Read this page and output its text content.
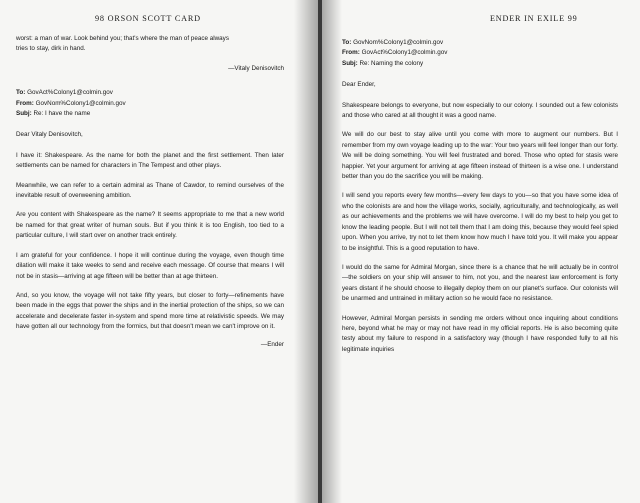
98 ORSON SCOTT CARD

worst: a man of war. Look behind you; that's where the man of peace always
tries to stay, dirk in hand.

—Vitaly Denisovitch

To: GovAct%Colony1@colmin.gov
From: GovNom%Colony1@colmin.gov
Subj: Re: I have the name

Dear Vitaly Denisovitch,

I have it: Shakespeare. As the name for both the planet and the first settlement. Then later settlements can be named for characters in The Tempest and other plays.

Meanwhile, we can refer to a certain admiral as Thane of Cawdor, to remind ourselves of the inevitable result of overweening ambition.

Are you content with Shakespeare as the name? It seems appropriate to me that a new world be named for that great writer of human souls. But if you think it is too English, too tied to a particular culture, I will start over on another track entirely.

I am grateful for your confidence. I hope it will continue during the voyage, even though time dilation will make it take weeks to send and receive each message. Of course that means I will not be in stasis—arriving at age fifteen will be better than at age thirteen.

And, so you know, the voyage will not take fifty years, but closer to forty—refinements have been made in the eggs that power the ships and in the inertial protection of the ships, so we can accelerate and decelerate faster in-system and spend more time at relativistic speeds. We may have gotten all our technology from the formics, but that doesn't mean we can't improve on it.

—Ender

ENDER IN EXILE 99
To: GovNom%Colony1@colmin.gov
From: GovAct%Colony1@colmin.gov
Subj: Re: Naming the colony

Dear Ender,

Shakespeare belongs to everyone, but now especially to our colony. I sounded out a few colonists and those who cared at all thought it was a good name.

We will do our best to stay alive until you come with more to augment our numbers. But I remember from my own voyage leading up to the war: Your two years will feel longer than our forty. We will be doing something. You will feel frustrated and bored. Those who opted for stasis were happier. Yet your argument for arriving at age fifteen instead of thirteen is a wise one. I understand better than you do the sacrifice you will be making.

I will send you reports every few months—every few days to you—so that you have some idea of who the colonists are and how the village works, socially, agriculturally, and technologically, as well as our achievements and the problems we will have overcome. I will do my best to help you get to know the leading people. But I will not tell them that I am doing this, because they would feel spied upon. When you arrive, try not to let them know how much I have told you. It will make you appear to be insightful. This is a good reputation to have.

I would do the same for Admiral Morgan, since there is a chance that he will actually be in control—the soldiers on your ship will answer to him, not you, and the nearest law enforcement is forty years distant if he should choose to illegally deploy them on our planet's surface. Our colonists will be unarmed and untrained in military action so he would face no resistance.

However, Admiral Morgan persists in sending me orders without once inquiring about conditions here, beyond what he may or may not have read in my official reports. He is also becoming quite testy about my failure to respond in a satisfactory way (though I have responded fully to all his legitimate inquiries
